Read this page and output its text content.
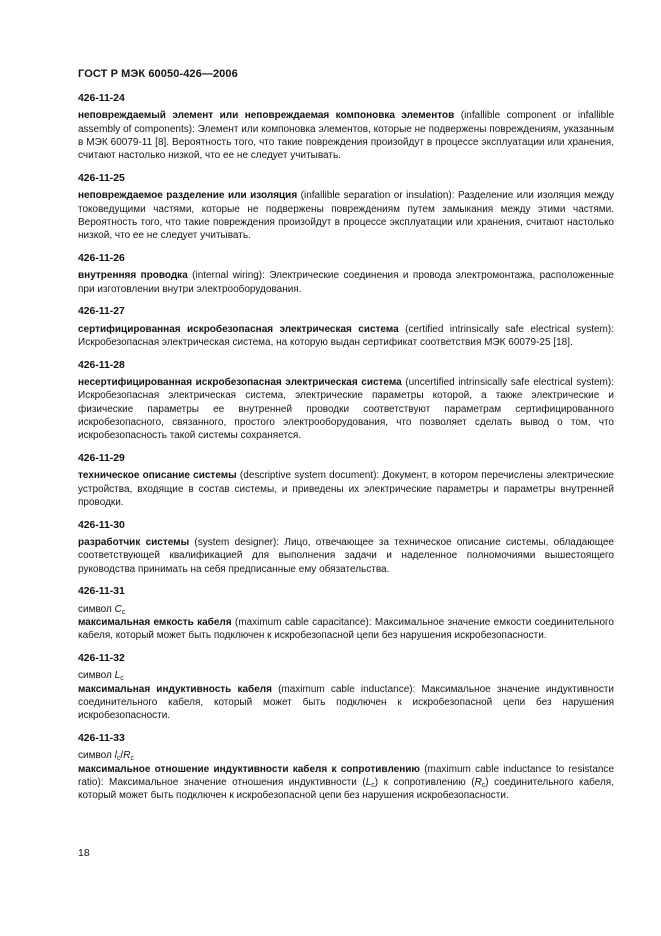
ГОСТ Р МЭК 60050-426—2006
426-11-24
неповреждаемый элемент или неповреждаемая компоновка элементов (infallible component or infallible assembly of components): Элемент или компоновка элементов, которые не подвержены повреждениям, указанным в МЭК 60079-11 [8]. Вероятность того, что такие повреждения произойдут в процессе эксплуатации или хранения, считают настолько низкой, что ее не следует учитывать.
426-11-25
неповреждаемое разделение или изоляция (infallible separation or insulation): Разделение или изоляция между токоведущими частями, которые не подвержены повреждениям путем замыкания между этими частями. Вероятность того, что такие повреждения произойдут в процессе эксплуатации или хранения, считают настолько низкой, что ее не следует учитывать.
426-11-26
внутренняя проводка (internal wiring): Электрические соединения и провода электромонтажа, расположенные при изготовлении внутри электрооборудования.
426-11-27
сертифицированная искробезопасная электрическая система (certified intrinsically safe electrical system): Искробезопасная электрическая система, на которую выдан сертификат соответствия МЭК 60079-25 [18].
426-11-28
несертифицированная искробезопасная электрическая система (uncertified intrinsically safe electrical system): Искробезопасная электрическая система, электрические параметры которой, а также электрические и физические параметры ее внутренней проводки соответствуют параметрам сертифицированного искробезопасного, связанного, простого электрооборудования, что позволяет сделать вывод о том, что искробезопасность такой системы сохраняется.
426-11-29
техническое описание системы (descriptive system document): Документ, в котором перечислены электрические устройства, входящие в состав системы, и приведены их электрические параметры и параметры внутренней проводки.
426-11-30
разработчик системы (system designer): Лицо, отвечающее за техническое описание системы, обладающее соответствующей квалификацией для выполнения задачи и наделенное полномочиями вышестоящего руководства принимать на себя предписанные ему обязательства.
426-11-31
символ $C_c$
максимальная емкость кабеля (maximum cable capacitance): Максимальное значение емкости соединительного кабеля, который может быть подключен к искробезопасной цепи без нарушения искробезопасности.
426-11-32
символ $L_c$
максимальная индуктивность кабеля (maximum cable inductance): Максимальное значение индуктивности соединительного кабеля, который может быть подключен к искробезопасной цепи без нарушения искробезопасности.
426-11-33
символ $l_c/R_c$
максимальное отношение индуктивности кабеля к сопротивлению (maximum cable inductance to resistance ratio): Максимальное значение отношения индуктивности $(L_c)$ к сопротивлению $(R_c)$ соединительного кабеля, который может быть подключен к искробезопасной цепи без нарушения искробезопасности.
18
